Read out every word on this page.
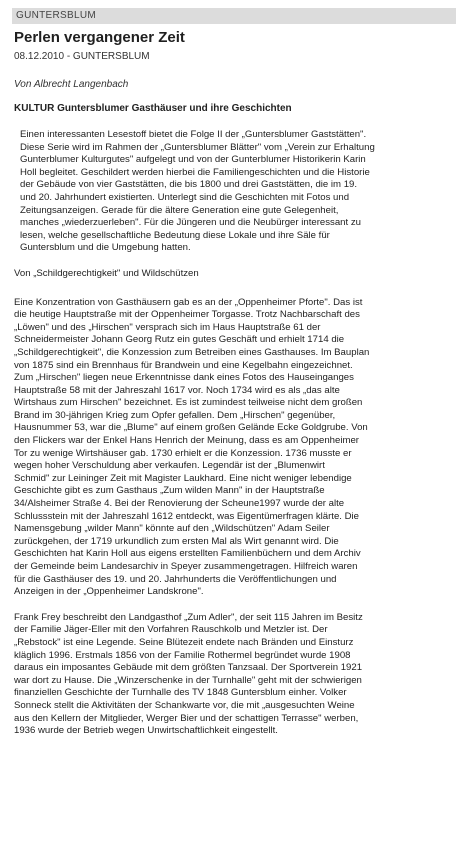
GUNTERSBLUM
Perlen vergangener Zeit
08.12.2010 - GUNTERSBLUM
Von Albrecht Langenbach
KULTUR Guntersblumer Gasthäuser und ihre Geschichten
Einen interessanten Lesestoff bietet die Folge II der „Guntersblumer Gaststätten".
Diese Serie wird im Rahmen der „Guntersblumer Blätter" vom „Verein zur Erhaltung
Gunterblumer Kulturgutes" aufgelegt und von der Gunterblumer Historikerin Karin
Holl begleitet. Geschildert werden hierbei die Familiengeschichten und die Historie
der Gebäude von vier Gaststätten, die bis 1800 und drei Gaststätten, die im 19.
und 20. Jahrhundert existierten. Unterlegt sind die Geschichten mit Fotos und
Zeitungsanzeigen. Gerade für die ältere Generation eine gute Gelegenheit,
manches „wiederzuerleben". Für die Jüngeren und die Neubürger interessant zu
lesen, welche gesellschaftliche Bedeutung diese Lokale und ihre Säle für
Guntersblum und die Umgebung hatten.
Von „Schildgerechtigkeit" und Wildschützen
Eine Konzentration von Gasthäusern gab es an der „Oppenheimer Pforte". Das ist
die heutige Hauptstraße mit der Oppenheimer Torgasse. Trotz Nachbarschaft des
„Löwen" und des „Hirschen" versprach sich im Haus Hauptstraße 61 der
Schneidermeister Johann Georg Rutz ein gutes Geschäft und erhielt 1714 die
„Schildgerechtigkeit", die Konzession zum Betreiben eines Gasthauses. Im Bauplan
von 1875 sind ein Brennhaus für Brandwein und eine Kegelbahn eingezeichnet.
Zum „Hirschen" liegen neue Erkenntnisse dank eines Fotos des Hauseinganges
Hauptstraße 58 mit der Jahreszahl 1617 vor. Noch 1734 wird es als „das alte
Wirtshaus zum Hirschen" bezeichnet. Es ist zumindest teilweise nicht dem großen
Brand im 30-jährigen Krieg zum Opfer gefallen. Dem „Hirschen" gegenüber,
Hausnummer 53, war die „Blume" auf einem großen Gelände Ecke Goldgrube. Von
den Flickers war der Enkel Hans Henrich der Meinung, dass es am Oppenheimer
Tor zu wenige Wirtshäuser gab. 1730 erhielt er die Konzession. 1736 musste er
wegen hoher Verschuldung aber verkaufen. Legendär ist der „Blumenwirt
Schmid" zur Leininger Zeit mit Magister Laukhard. Eine nicht weniger lebendige
Geschichte gibt es zum Gasthaus „Zum wilden Mann" in der Hauptstraße
34/Alsheimer Straße 4. Bei der Renovierung der Scheune1997 wurde der alte
Schlussstein mit der Jahreszahl 1612 entdeckt, was Eigentümerfragen klärte. Die
Namensgebung „wilder Mann" könnte auf den „Wildschützen" Adam Seiler
zurückgehen, der 1719 urkundlich zum ersten Mal als Wirt genannt wird. Die
Geschichten hat Karin Holl aus eigens erstellten Familienbüchern und dem Archiv
der Gemeinde beim Landesarchiv in Speyer zusammengetragen. Hilfreich waren
für die Gasthäuser des 19. und 20. Jahrhunderts die Veröffentlichungen und
Anzeigen in der „Oppenheimer Landskrone".
Frank Frey beschreibt den Landgasthof „Zum Adler", der seit 115 Jahren im Besitz
der Familie Jäger-Eller mit den Vorfahren Rauschkolb und Metzler ist. Der
„Rebstock" ist eine Legende. Seine Blütezeit endete nach Bränden und Einsturz
kläglich 1996. Erstmals 1856 von der Familie Rothermel begründet wurde 1908
daraus ein imposantes Gebäude mit dem größten Tanzsaal. Der Sportverein 1921
war dort zu Hause. Die „Winzerschenke in der Turnhalle" geht mit der schwierigen
finanziellen Geschichte der Turnhalle des TV 1848 Guntersblum einher. Volker
Sonneck stellt die Aktivitäten der Schankwarte vor, die mit „ausgesuchten Weine
aus den Kellern der Mitglieder, Werger Bier und der schattigen Terrasse" werben,
1936 wurde der Betrieb wegen Unwirtschaftlichkeit eingestellt.
